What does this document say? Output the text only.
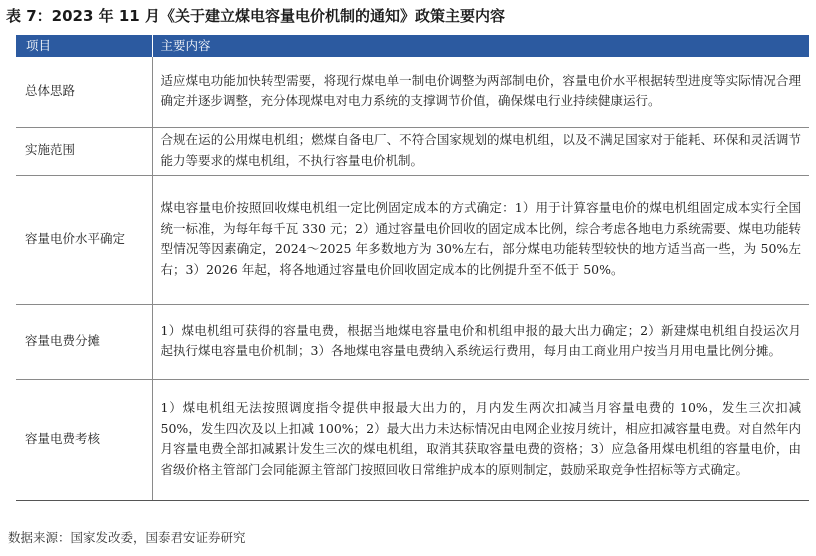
表 7：2023 年 11 月《关于建立煤电容量电价机制的通知》政策主要内容
项目	主要内容
总体思路	适应煤电功能加快转型需要，将现行煤电单一制电价调整为两部制电价，容量电价水平根据转型进度等实际情况合理确定并逐步调整，充分体现煤电对电力系统的支撑调节价值，确保煤电行业持续健康运行。
实施范围	合规在运的公用煤电机组；燃煤自备电厂、不符合国家规划的煤电机组，以及不满足国家对于能耗、环保和灵活调节能力等要求的煤电机组，不执行容量电价机制。
容量电价水平确定	煤电容量电价按照回收煤电机组一定比例固定成本的方式确定：1）用于计算容量电价的煤电机组固定成本实行全国统一标准，为每年每千瓦 330 元；2）通过容量电价回收的固定成本比例，综合考虑各地电力系统需要、煤电功能转型情况等因素确定，2024～2025 年多数地方为 30%左右，部分煤电功能转型较快的地方适当高一些，为 50%左右；3）2026 年起，将各地通过容量电价回收固定成本的比例提升至不低于 50%。
容量电费分摊	1）煤电机组可获得的容量电费，根据当地煤电容量电价和机组申报的最大出力确定；2）新建煤电机组自投运次月起执行煤电容量电价机制；3）各地煤电容量电费纳入系统运行费用，每月由工商业用户按当月用电量比例分摊。
容量电费考核	1）煤电机组无法按照调度指令提供申报最大出力的，月内发生两次扣减当月容量电费的 10%，发生三次扣减 50%，发生四次及以上扣减 100%；2）最大出力未达标情况由电网企业按月统计，相应扣减容量电费。对自然年内月容量电费全部扣减累计发生三次的煤电机组，取消其获取容量电费的资格；3）应急备用煤电机组的容量电价，由省级价格主管部门会同能源主管部门按照回收日常维护成本的原则制定，鼓励采取竞争性招标等方式确定。
数据来源：国家发改委，国泰君安证券研究
